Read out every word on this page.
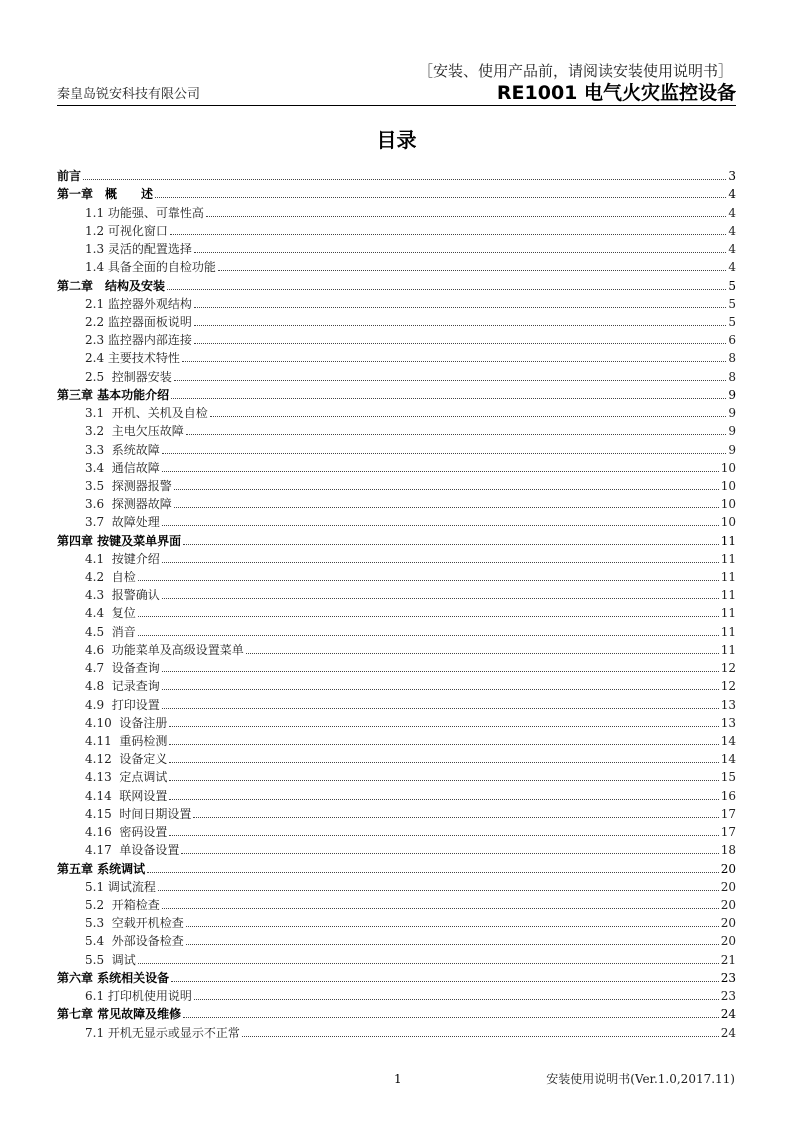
［安装、使用产品前，请阅读安装使用说明书］
秦皇岛锐安科技有限公司	RE1001 电气火灾监控设备
目录
前言	3
第一章　概　　述	4
1.1 功能强、可靠性高	4
1.2 可视化窗口	4
1.3 灵活的配置选择	4
1.4 具备全面的自检功能	4
第二章　结构及安装	5
2.1 监控器外观结构	5
2.2 监控器面板说明	5
2.3 监控器内部连接	6
2.4 主要技术特性	8
2.5  控制器安装	8
第三章 基本功能介绍	9
3.1  开机、关机及自检	9
3.2  主电欠压故障	9
3.3  系统故障	9
3.4  通信故障	10
3.5  探测器报警	10
3.6  探测器故障	10
3.7  故障处理	10
第四章 按键及菜单界面	11
4.1  按键介绍	11
4.2  自检	11
4.3  报警确认	11
4.4  复位	11
4.5  消音	11
4.6  功能菜单及高级设置菜单	11
4.7  设备查询	12
4.8  记录查询	12
4.9  打印设置	13
4.10  设备注册	13
4.11  重码检测	14
4.12  设备定义	14
4.13  定点调试	15
4.14  联网设置	16
4.15  时间日期设置	17
4.16  密码设置	17
4.17  单设备设置	18
第五章 系统调试	20
5.1 调试流程	20
5.2  开箱检查	20
5.3  空载开机检查	20
5.4  外部设备检查	20
5.5  调试	21
第六章 系统相关设备	23
6.1 打印机使用说明	23
第七章 常见故障及维修	24
7.1 开机无显示或显示不正常	24
1	安装使用说明书(Ver.1.0,2017.11)
